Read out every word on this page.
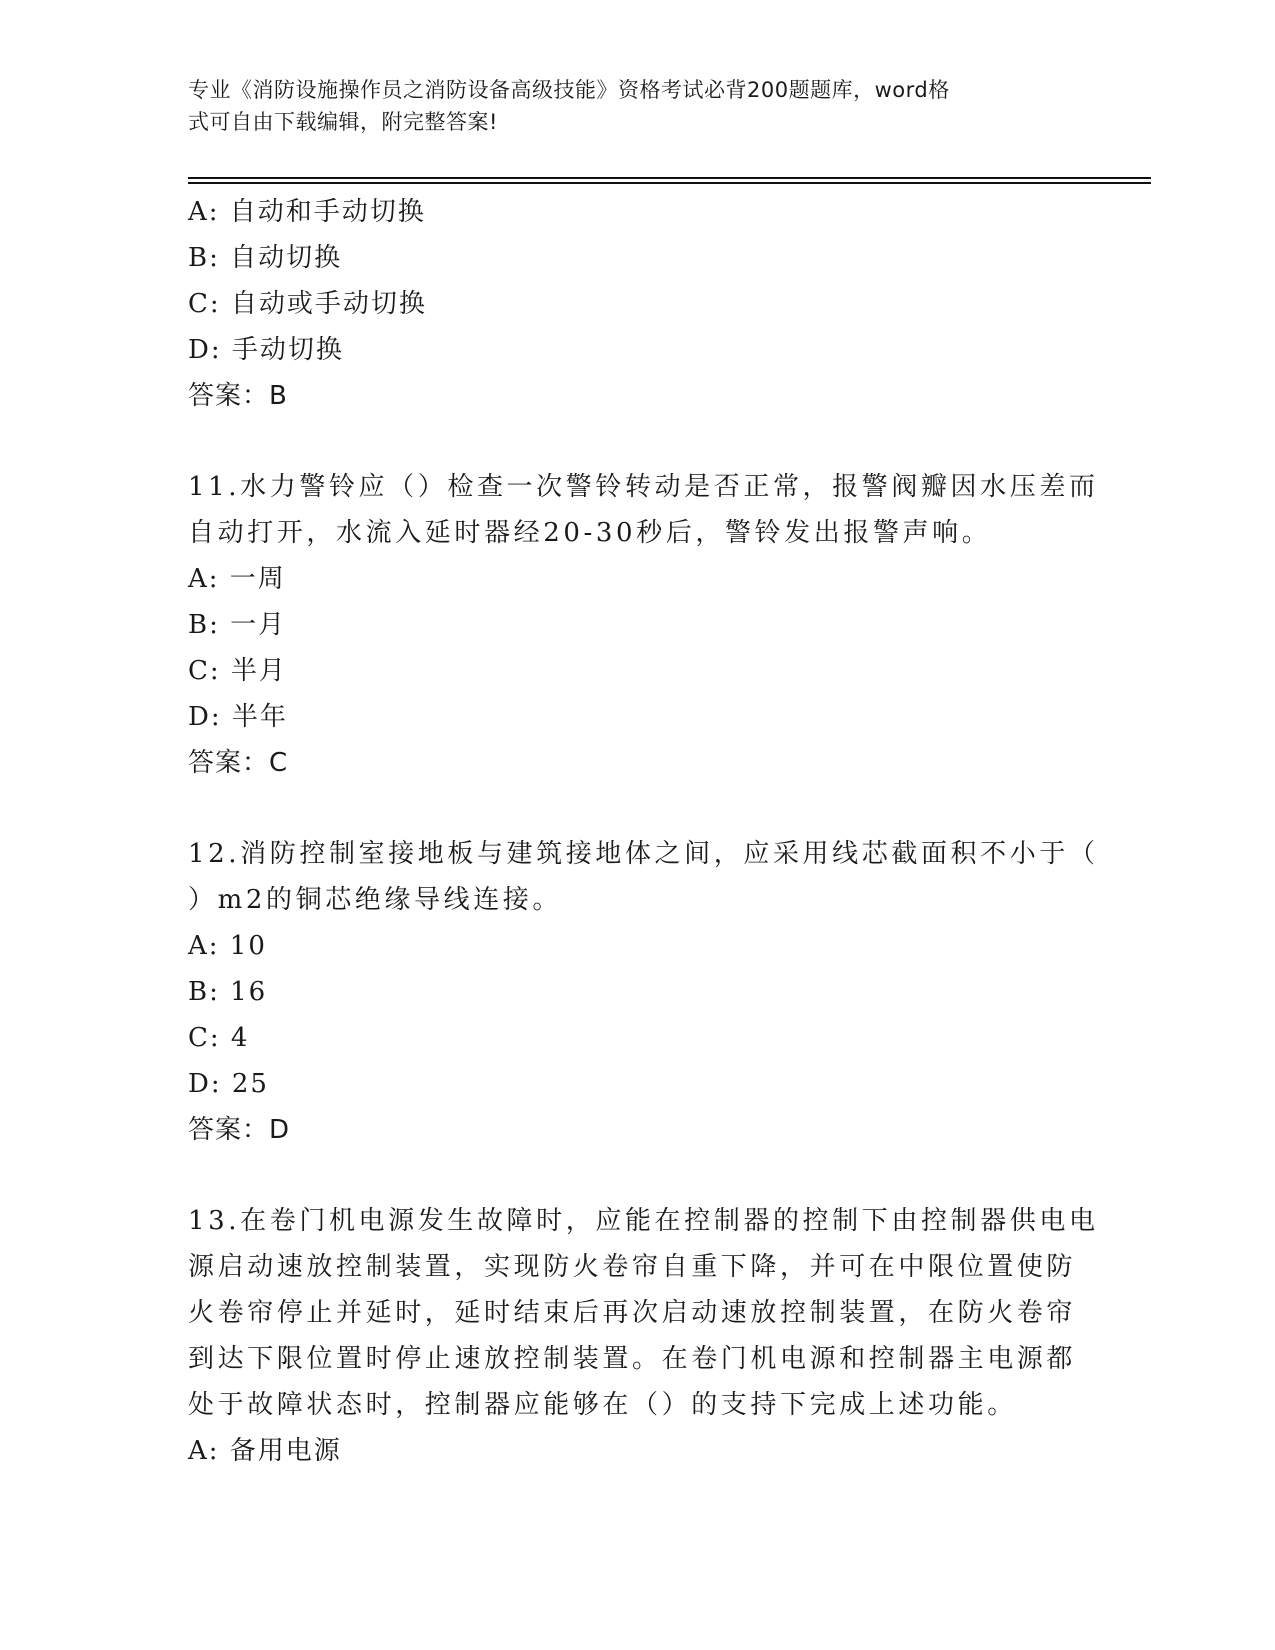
专业《消防设施操作员之消防设备高级技能》资格考试必背200题题库，word格
式可自由下载编辑，附完整答案!
A: 自动和手动切换
B: 自动切换
C: 自动或手动切换
D: 手动切换
答案：B
11.水力警铃应（）检查一次警铃转动是否正常，报警阀瓣因水压差而
自动打开，水流入延时器经20-30秒后，警铃发出报警声响。
A: 一周
B: 一月
C: 半月
D: 半年
答案：C
12.消防控制室接地板与建筑接地体之间，应采用线芯截面积不小于（
）m2的铜芯绝缘导线连接。
A: 10
B: 16
C: 4
D: 25
答案：D
13.在卷门机电源发生故障时，应能在控制器的控制下由控制器供电电
源启动速放控制装置，实现防火卷帘自重下降，并可在中限位置使防
火卷帘停止并延时，延时结束后再次启动速放控制装置，在防火卷帘
到达下限位置时停止速放控制装置。在卷门机电源和控制器主电源都
处于故障状态时，控制器应能够在（）的支持下完成上述功能。
A: 备用电源
